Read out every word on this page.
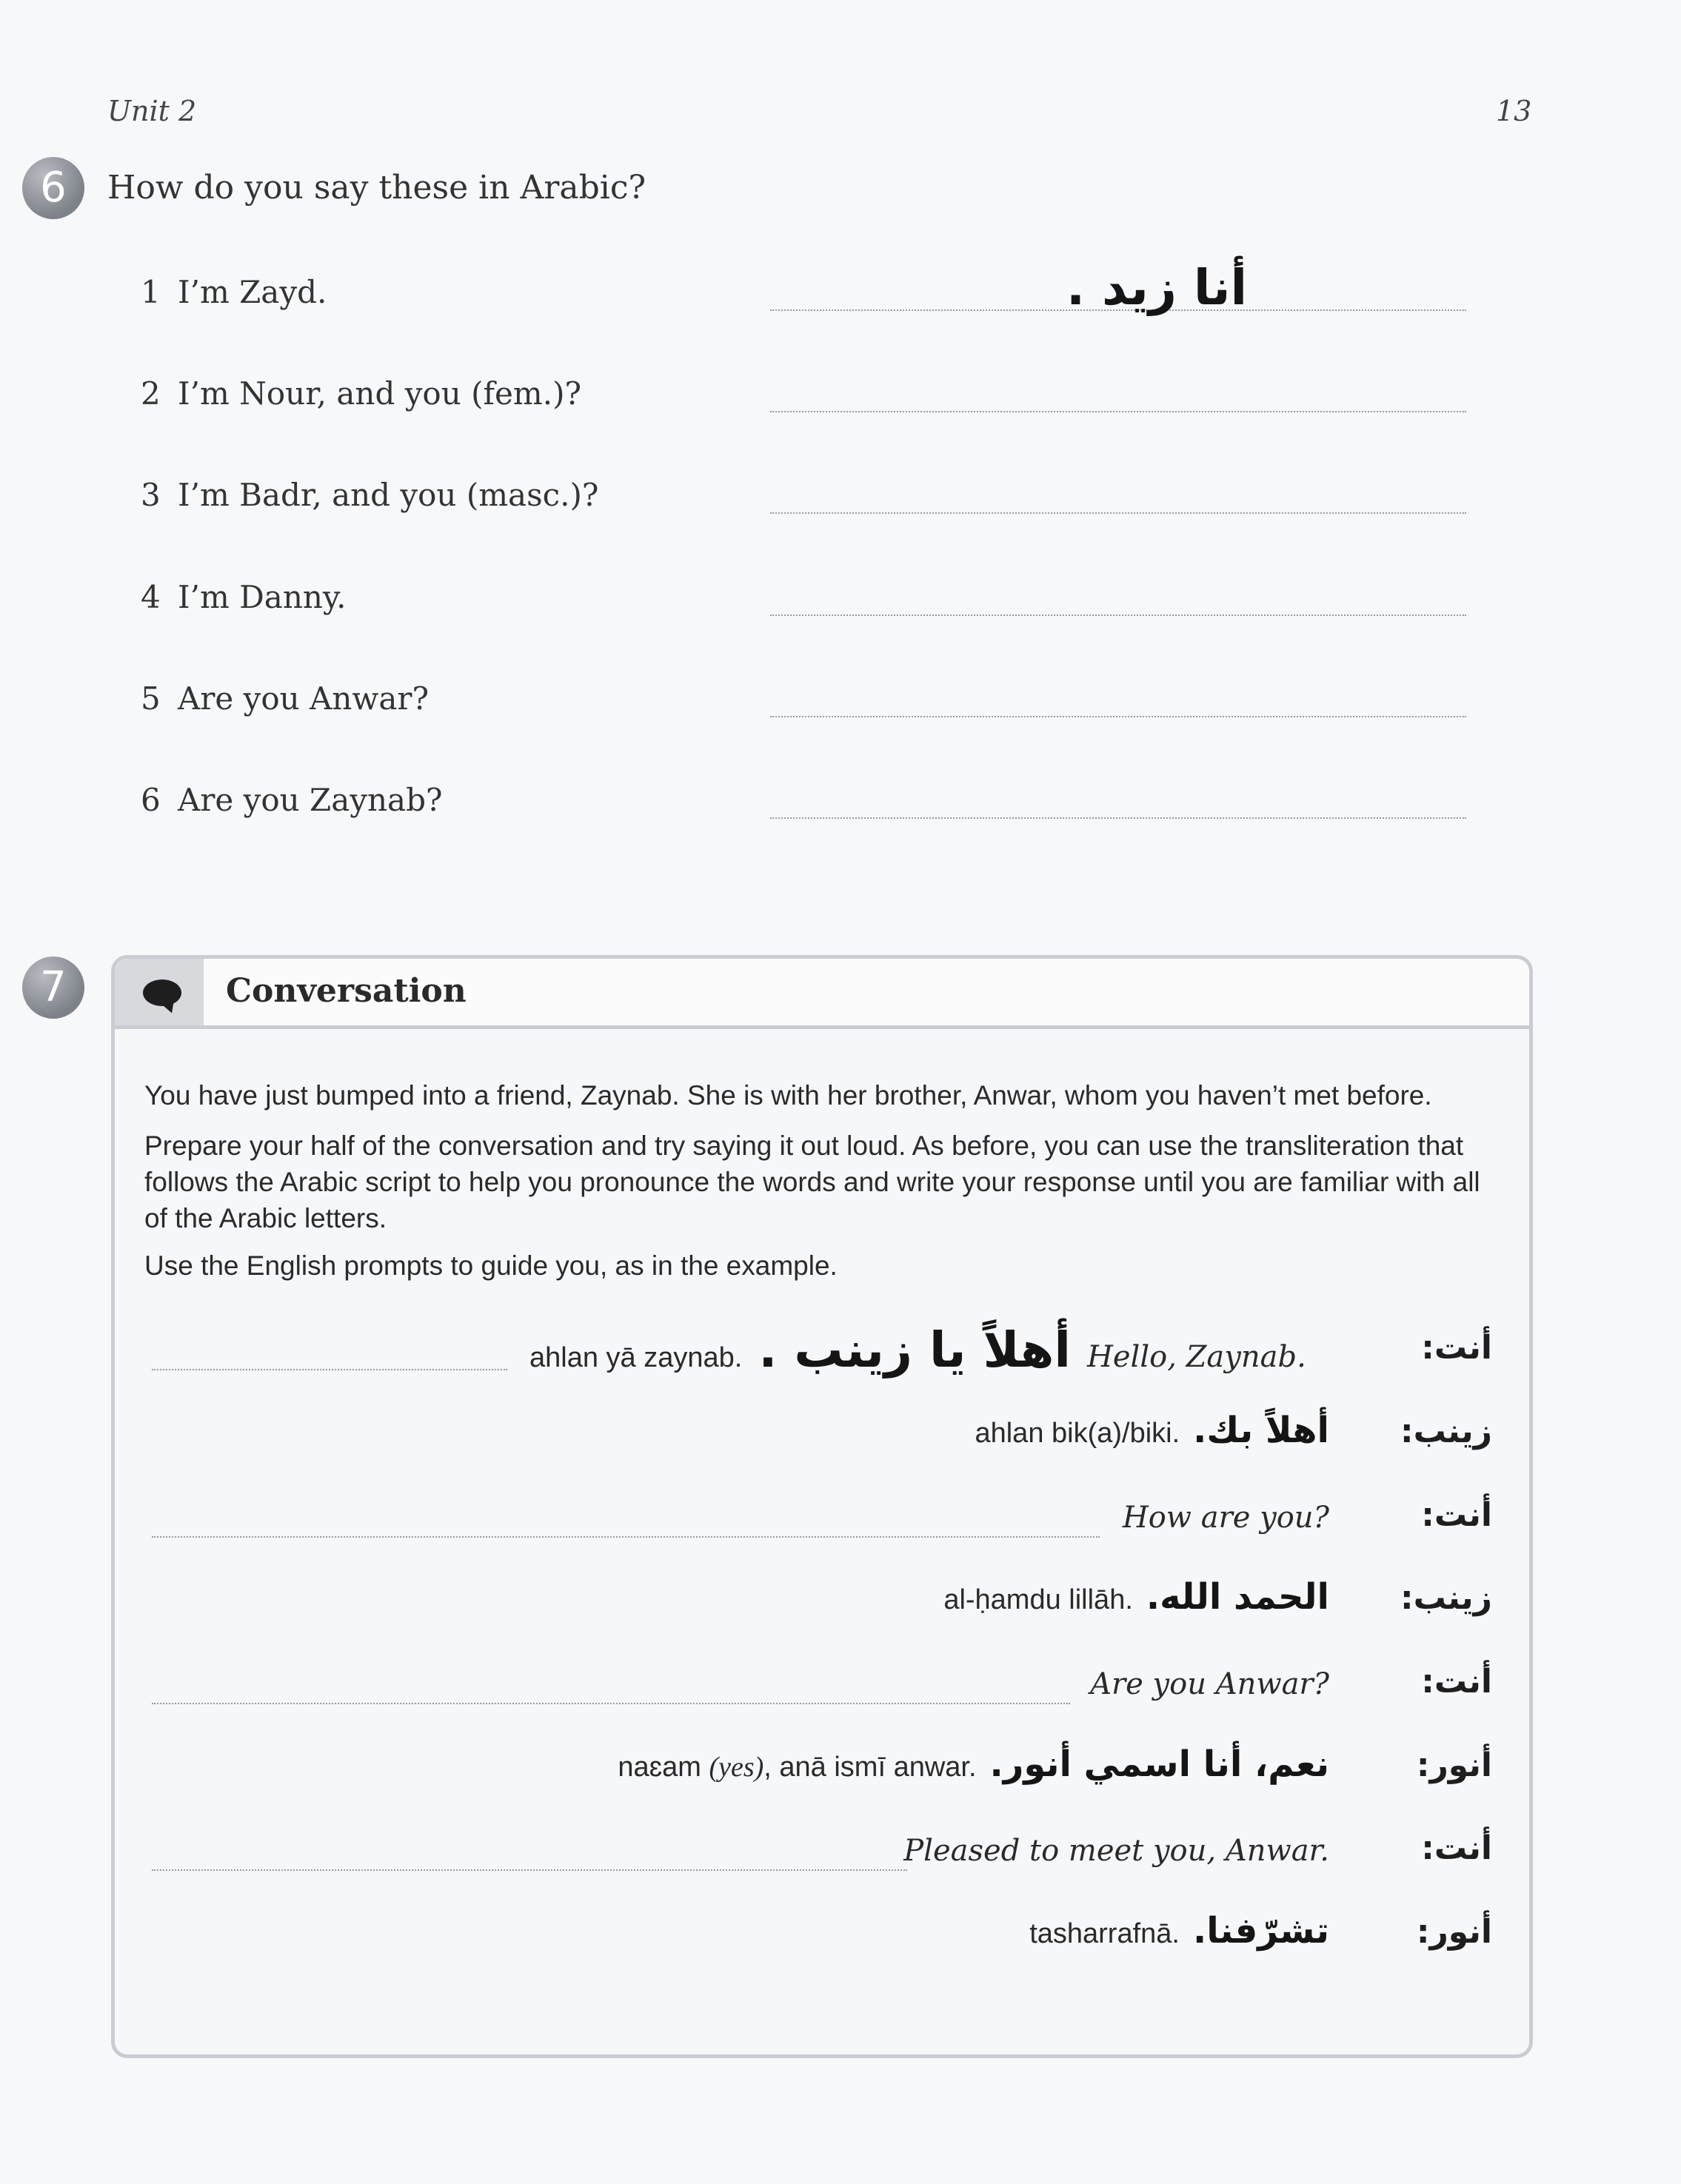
Unit 2	13
6	How do you say these in Arabic?
1 I’m Zayd.	أنا زيد .
2 I’m Nour, and you (fem.)?
3 I’m Badr, and you (masc.)?
4 I’m Danny.
5 Are you Anwar?
6 Are you Zaynab?
7	Conversation
You have just bumped into a friend, Zaynab. She is with her brother, Anwar, whom you haven’t met before.
Prepare your half of the conversation and try saying it out loud. As before, you can use the transliteration that follows the Arabic script to help you pronounce the words and write your response until you are familiar with all of the Arabic letters.
Use the English prompts to guide you, as in the example.
ahlan yā zaynab. أهلاً يا زينب . Hello, Zaynab.	أنت:
ahlan bik(a)/biki. أهلاً بك. زينب:
How are you?	أنت:
al-ḥamdu lillāh. الحمد الله. زينب:
Are you Anwar?	أنت:
naɛam (yes), anā ismī anwar. نعم، أنا اسمي أنور.	أنور:
Pleased to meet you, Anwar.	أنت:
tasharrafnā. تشرّفنا.	أنور:
